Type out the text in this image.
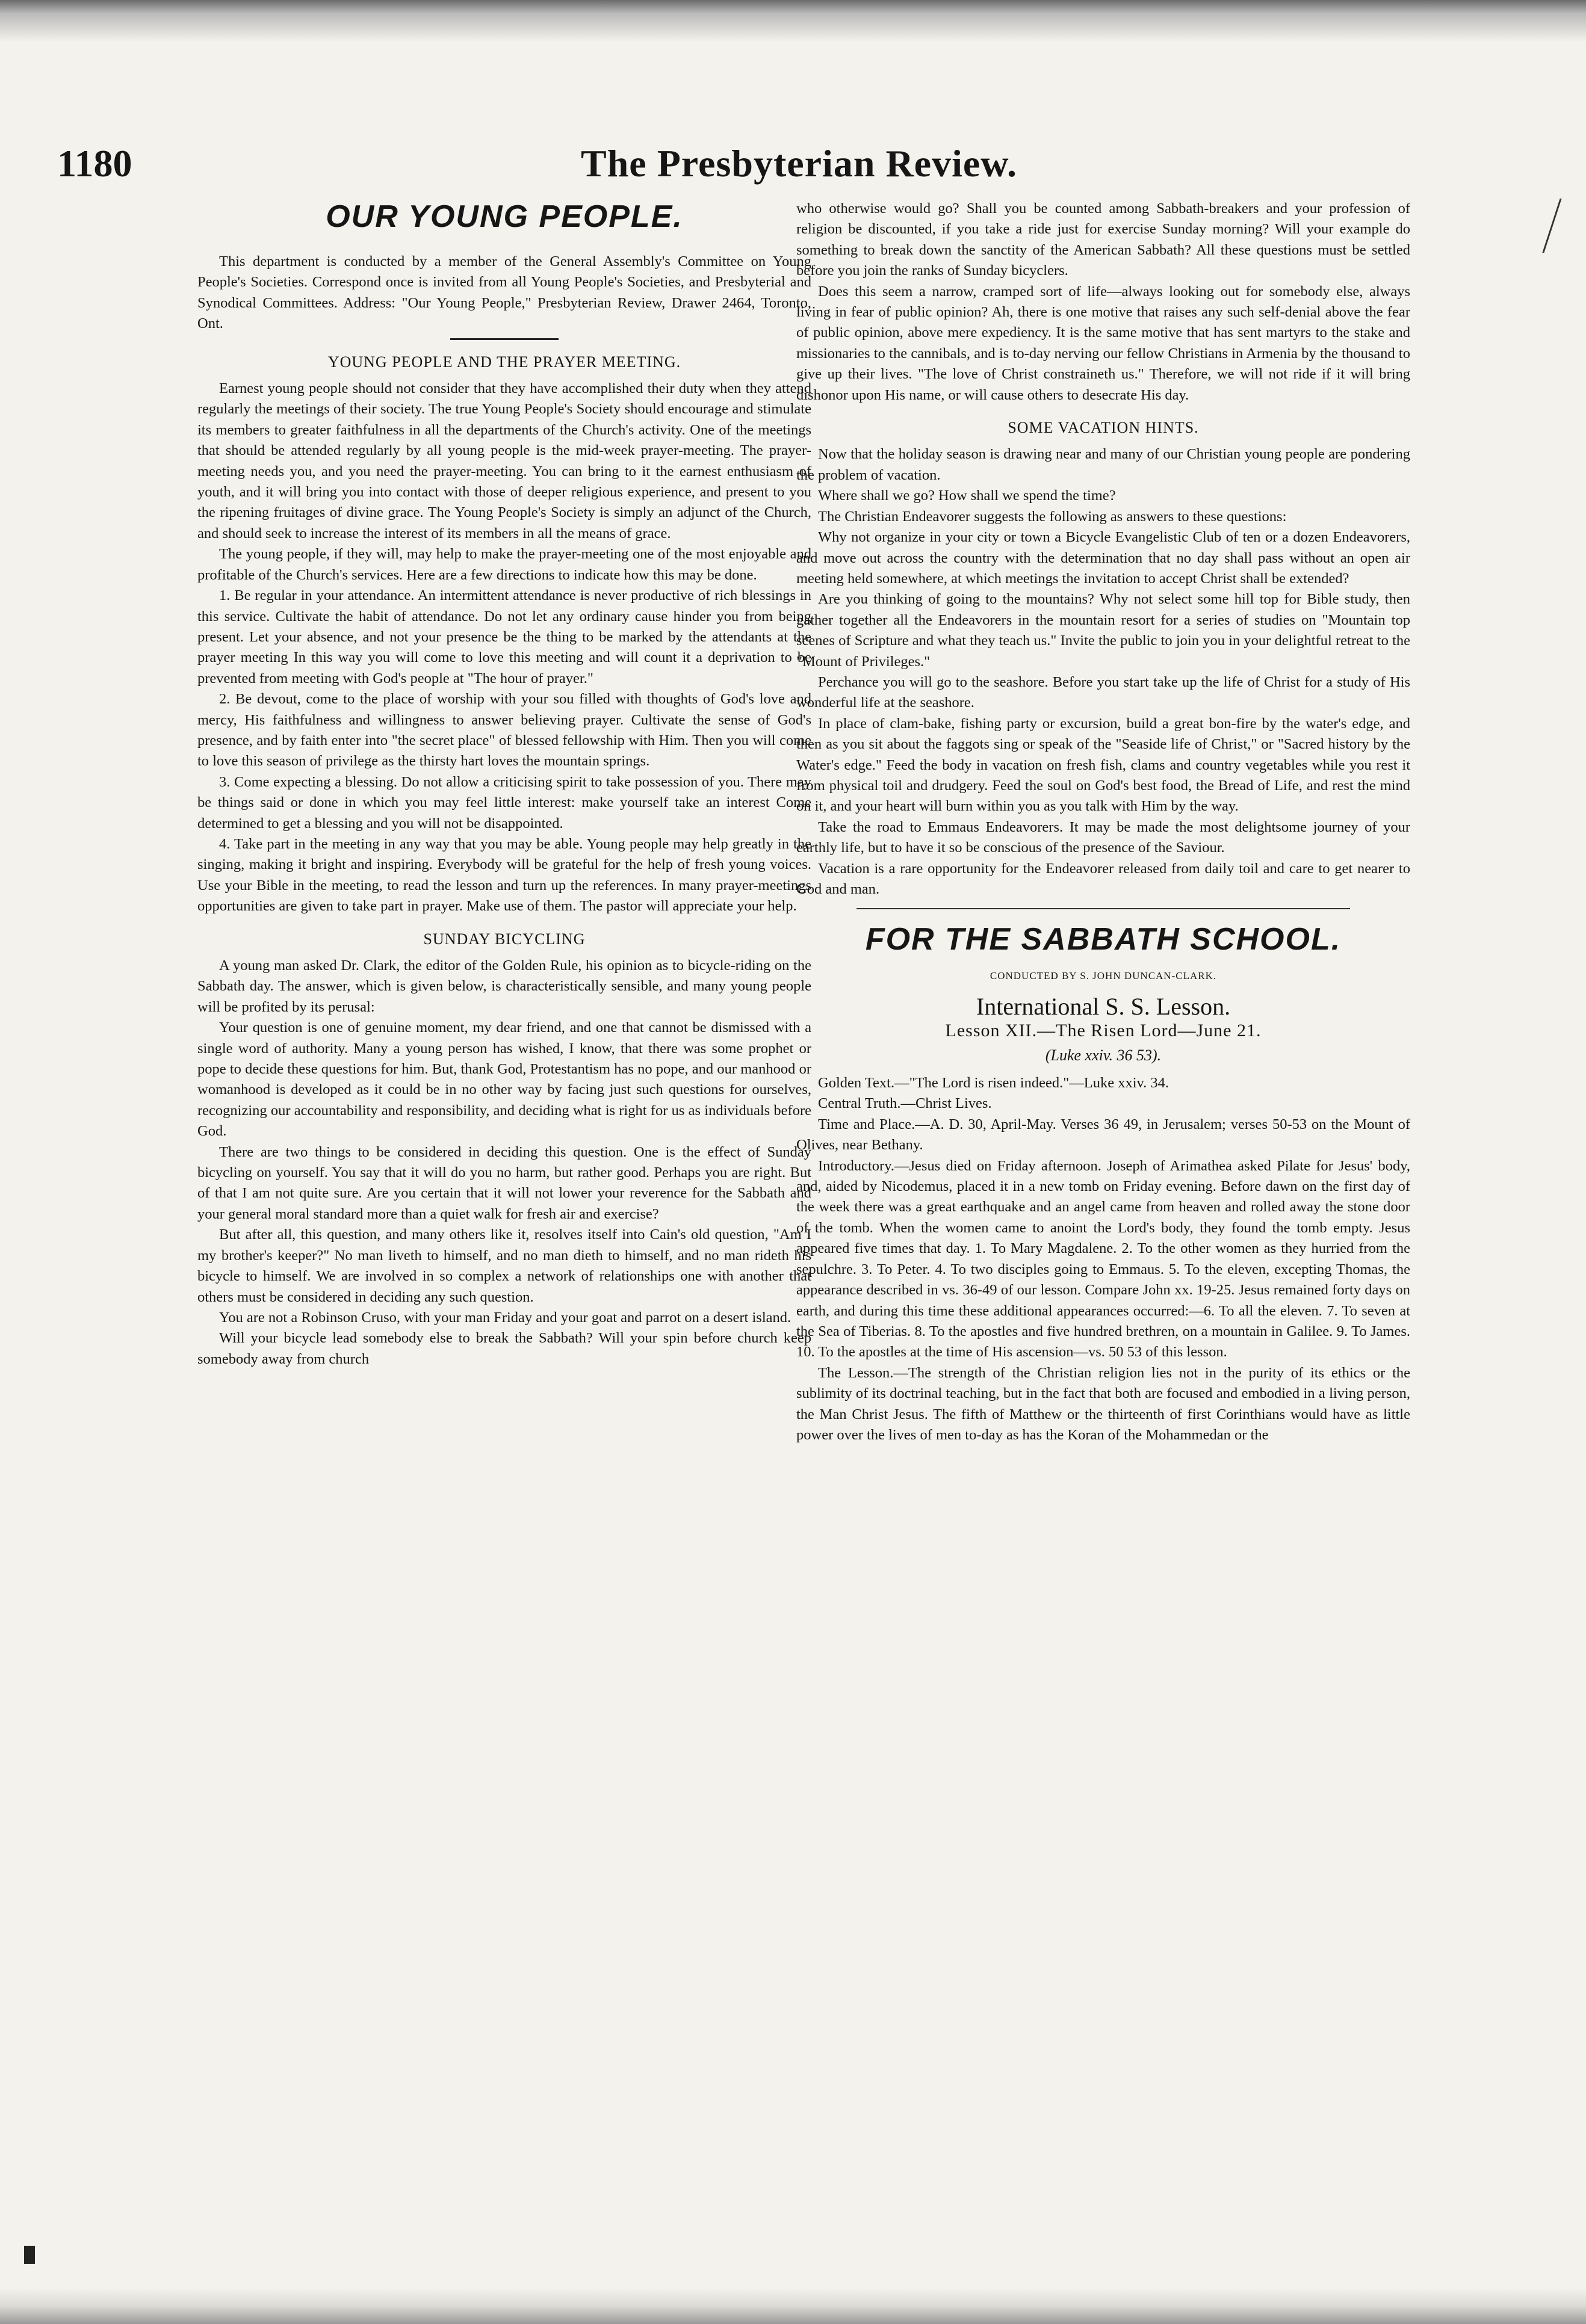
1180	The Presbyterian Review.
OUR YOUNG PEOPLE.

This department is conducted by a member of the General Assembly's Committee on Young People's Societies. Correspond once is invited from all Young People's Societies, and Presbyterial and Synodical Committees. Address: "Our Young People," Presbyterian Review, Drawer 2464, Toronto, Ont.

YOUNG PEOPLE AND THE PRAYER MEETING.

Earnest young people should not consider that they have accomplished their duty when they attend regularly the meetings of their society. The true Young People's Society should encourage and stimulate its members to greater faithfulness in all the departments of the Church's activity. One of the meetings that should be attended regularly by all young people is the mid-week prayer-meeting. The prayer-meeting needs you, and you need the prayer-meeting. You can bring to it the earnest enthusiasm of youth, and it will bring you into contact with those of deeper religious experience, and present to you the ripening fruitages of divine grace. The Young People's Society is simply an adjunct of the Church, and should seek to increase the interest of its members in all the means of grace.

The young people, if they will, may help to make the prayer-meeting one of the most enjoyable and profitable of the Church's services. Here are a few directions to indicate how this may be done.

1. Be regular in your attendance. An intermittent attendance is never productive of rich blessings in this service. Cultivate the habit of attendance. Do not let any ordinary cause hinder you from being present. Let your absence, and not your presence be the thing to be marked by the attendants at the prayer meeting In this way you will come to love this meeting and will count it a deprivation to be prevented from meeting with God's people at "The hour of prayer."

2. Be devout, come to the place of worship with your sou filled with thoughts of God's love and mercy, His faithfulness and willingness to answer believing prayer. Cultivate the sense of God's presence, and by faith enter into "the secret place" of blessed fellowship with Him. Then you will come to love this season of privilege as the thirsty hart loves the mountain springs.

3. Come expecting a blessing. Do not allow a criticising spirit to take possession of you. There may be things said or done in which you may feel little interest: make yourself take an interest Come determined to get a blessing and you will not be disappointed.

4. Take part in the meeting in any way that you may be able. Young people may help greatly in the singing, making it bright and inspiring. Everybody will be grateful for the help of fresh young voices. Use your Bible in the meeting, to read the lesson and turn up the references. In many prayer-meetings opportunities are given to take part in prayer. Make use of them. The pastor will appreciate your help.

SUNDAY BICYCLING

A young man asked Dr. Clark, the editor of the Golden Rule, his opinion as to bicycle-riding on the Sabbath day. The answer, which is given below, is characteristically sensible, and many young people will be profited by its perusal:

Your question is one of genuine moment, my dear friend, and one that cannot be dismissed with a single word of authority. Many a young person has wished, I know, that there was some prophet or pope to decide these questions for him. But, thank God, Protestantism has no pope, and our manhood or womanhood is developed as it could be in no other way by facing just such questions for ourselves, recognizing our accountability and responsibility, and deciding what is right for us as individuals before God.

There are two things to be considered in deciding this question. One is the effect of Sunday bicycling on yourself. You say that it will do you no harm, but rather good. Perhaps you are right. But of that I am not quite sure. Are you certain that it will not lower your reverence for the Sabbath and your general moral standard more than a quiet walk for fresh air and exercise?

But after all, this question, and many others like it, resolves itself into Cain's old question, "Am I my brother's keeper?" No man liveth to himself, and no man dieth to himself, and no man rideth his bicycle to himself. We are involved in so complex a network of relationships one with another that others must be considered in deciding any such question.

You are not a Robinson Cruso, with your man Friday and your goat and parrot on a desert island.

Will your bicycle lead somebody else to break the Sabbath? Will your spin before church keep somebody away from church

who otherwise would go? Shall you be counted among Sabbath-breakers and your profession of religion be discounted, if you take a ride just for exercise Sunday morning? Will your example do something to break down the sanctity of the American Sabbath? All these questions must be settled before you join the ranks of Sunday bicyclers.

Does this seem a narrow, cramped sort of life—always looking out for somebody else, always living in fear of public opinion? Ah, there is one motive that raises any such self-denial above the fear of public opinion, above mere expediency. It is the same motive that has sent martyrs to the stake and missionaries to the cannibals, and is to-day nerving our fellow Christians in Armenia by the thousand to give up their lives. "The love of Christ constraineth us." Therefore, we will not ride if it will bring dishonor upon His name, or will cause others to desecrate His day.

SOME VACATION HINTS.

Now that the holiday season is drawing near and many of our Christian young people are pondering the problem of vacation.

Where shall we go? How shall we spend the time?

The Christian Endeavorer suggests the following as answers to these questions:

Why not organize in your city or town a Bicycle Evangelistic Club of ten or a dozen Endeavorers, and move out across the country with the determination that no day shall pass without an open air meeting held somewhere, at which meetings the invitation to accept Christ shall be extended?

Are you thinking of going to the mountains? Why not select some hill top for Bible study, then gather together all the Endeavorers in the mountain resort for a series of studies on "Mountain top scenes of Scripture and what they teach us." Invite the public to join you in your delightful retreat to the "Mount of Privileges."

Perchance you will go to the seashore. Before you start take up the life of Christ for a study of His wonderful life at the seashore.

In place of clam-bake, fishing party or excursion, build a great bon-fire by the water's edge, and then as you sit about the faggots sing or speak of the "Seaside life of Christ," or "Sacred history by the Water's edge." Feed the body in vacation on fresh fish, clams and country vegetables while you rest it from physical toil and drudgery. Feed the soul on God's best food, the Bread of Life, and rest the mind on it, and your heart will burn within you as you talk with Him by the way.

Take the road to Emmaus Endeavorers. It may be made the most delightsome journey of your earthly life, but to have it so be conscious of the presence of the Saviour.

Vacation is a rare opportunity for the Endeavorer released from daily toil and care to get nearer to God and man.

FOR THE SABBATH SCHOOL.
CONDUCTED BY S. JOHN DUNCAN-CLARK.
International S. S. Lesson.
Lesson XII.—The Risen Lord—June 21.
(Luke xxiv. 36 53).

Golden Text.—"The Lord is risen indeed."—Luke xxiv. 34.

Central Truth.—Christ Lives.

Time and Place.—A. D. 30, April-May. Verses 36 49, in Jerusalem; verses 50-53 on the Mount of Olives, near Bethany.

Introductory.—Jesus died on Friday afternoon. Joseph of Arimathea asked Pilate for Jesus' body, and, aided by Nicodemus, placed it in a new tomb on Friday evening. Before dawn on the first day of the week there was a great earthquake and an angel came from heaven and rolled away the stone door of the tomb. When the women came to anoint the Lord's body, they found the tomb empty. Jesus appeared five times that day. 1. To Mary Magdalene. 2. To the other women as they hurried from the sepulchre. 3. To Peter. 4. To two disciples going to Emmaus. 5. To the eleven, excepting Thomas, the appearance described in vs. 36-49 of our lesson. Compare John xx. 19-25. Jesus remained forty days on earth, and during this time these additional appearances occurred:—6. To all the eleven. 7. To seven at the Sea of Tiberias. 8. To the apostles and five hundred brethren, on a mountain in Galilee. 9. To James. 10. To the apostles at the time of His ascension—vs. 50 53 of this lesson.

The Lesson.—The strength of the Christian religion lies not in the purity of its ethics or the sublimity of its doctrinal teaching, but in the fact that both are focused and embodied in a living person, the Man Christ Jesus. The fifth of Matthew or the thirteenth of first Corinthians would have as little power over the lives of men to-day as has the Koran of the Mohammedan or the
